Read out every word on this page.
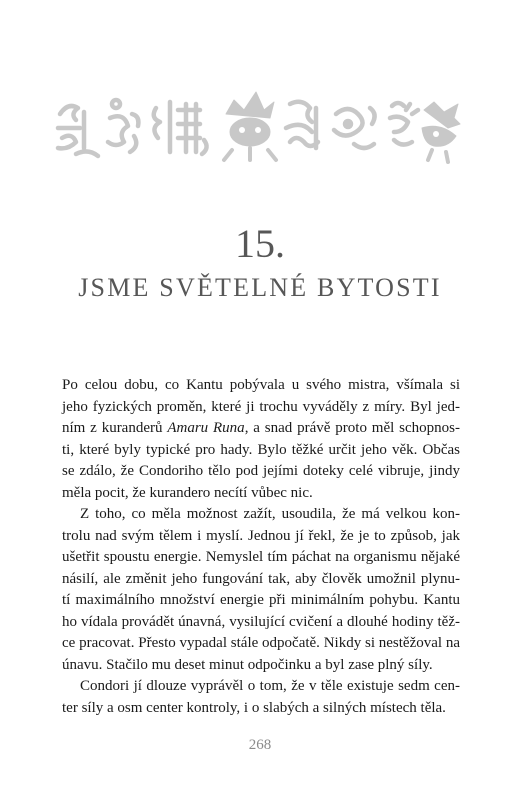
15.
JSME SVĚTELNÉ BYTOSTI
Po celou dobu, co Kantu pobývala u svého mistra, všímala si
jeho fyzických proměn, které ji trochu vyváděly z míry. Byl jed-
ním z kuranderů Amaru Runa, a snad právě proto měl schopnos-
ti, které byly typické pro hady. Bylo těžké určit jeho věk. Občas
se zdálo, že Condoriho tělo pod jejími doteky celé vibruje, jindy
měla pocit, že kurandero necítí vůbec nic.
Z toho, co měla možnost zažít, usoudila, že má velkou kon-
trolu nad svým tělem i myslí. Jednou jí řekl, že je to způsob, jak
ušetřit spoustu energie. Nemyslel tím páchat na organismu nějaké
násilí, ale změnit jeho fungování tak, aby člověk umožnil plynu-
tí maximálního množství energie při minimálním pohybu. Kantu
ho vídala provádět únavná, vysilující cvičení a dlouhé hodiny těž-
ce pracovat. Přesto vypadal stále odpočatě. Nikdy si nestěžoval na
únavu. Stačilo mu deset minut odpočinku a byl zase plný síly.
Condori jí dlouze vyprávěl o tom, že v těle existuje sedm cen-
ter síly a osm center kontroly, i o slabých a silných místech těla.
268
